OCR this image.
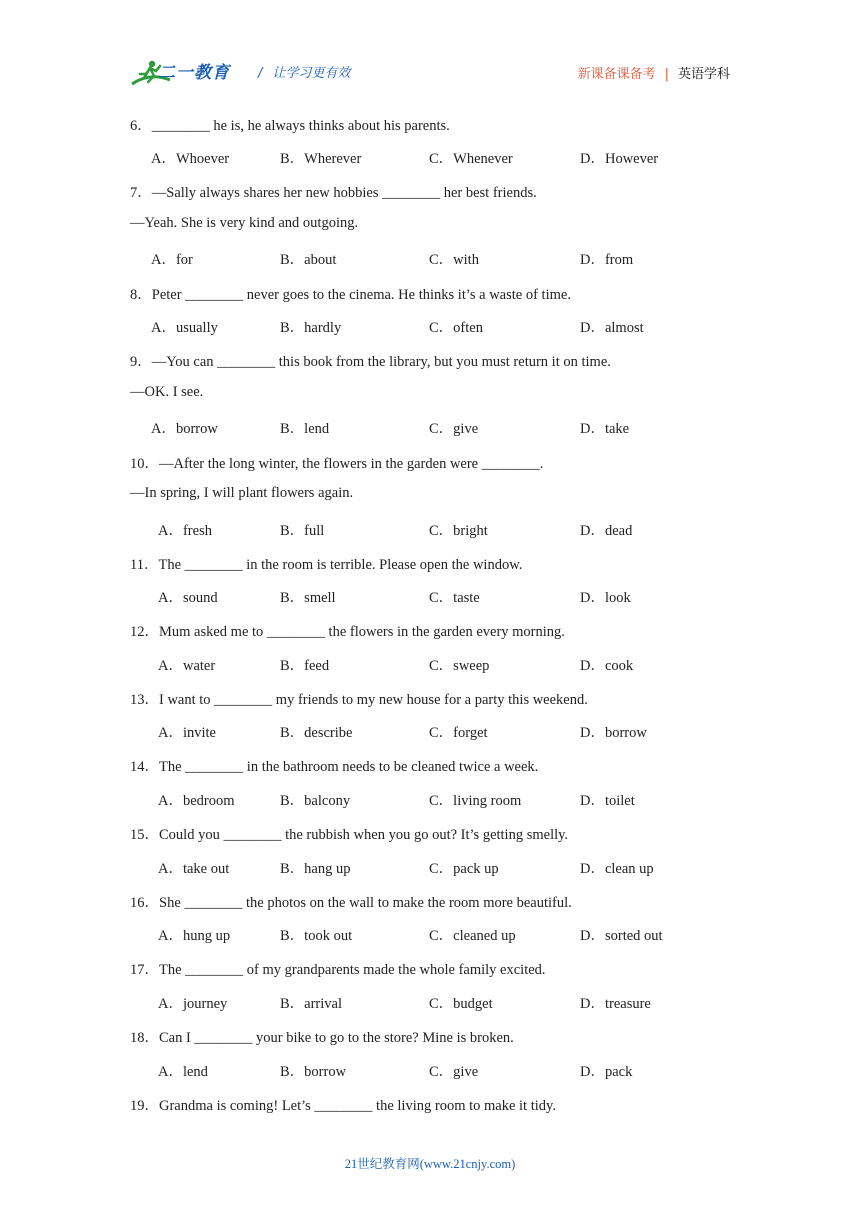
二一教育 / 让学习更有效	新课备课备考 | 英语学科
6．________ he is, he always thinks about his parents.
A．Whoever	B．Wherever	C．Whenever	D．However
7．—Sally always shares her new hobbies ________ her best friends.
—Yeah. She is very kind and outgoing.
A．for	B．about	C．with	D．from
8．Peter ________ never goes to the cinema. He thinks it’s a waste of time.
A．usually	B．hardly	C．often	D．almost
9．—You can ________ this book from the library, but you must return it on time.
—OK. I see.
A．borrow	B．lend	C．give	D．take
10．—After the long winter, the flowers in the garden were ________.
—In spring, I will plant flowers again.
A．fresh	B．full	C．bright	D．dead
11．The ________ in the room is terrible. Please open the window.
A．sound	B．smell	C．taste	D．look
12．Mum asked me to ________ the flowers in the garden every morning.
A．water	B．feed	C．sweep	D．cook
13．I want to ________ my friends to my new house for a party this weekend.
A．invite	B．describe	C．forget	D．borrow
14．The ________ in the bathroom needs to be cleaned twice a week.
A．bedroom	B．balcony	C．living room	D．toilet
15．Could you ________ the rubbish when you go out? It’s getting smelly.
A．take out	B．hang up	C．pack up	D．clean up
16．She ________ the photos on the wall to make the room more beautiful.
A．hung up	B．took out	C．cleaned up	D．sorted out
17．The ________ of my grandparents made the whole family excited.
A．journey	B．arrival	C．budget	D．treasure
18．Can I ________ your bike to go to the store? Mine is broken.
A．lend	B．borrow	C．give	D．pack
19．Grandma is coming! Let’s ________ the living room to make it tidy.
21世纪教育网(www.21cnjy.com)
